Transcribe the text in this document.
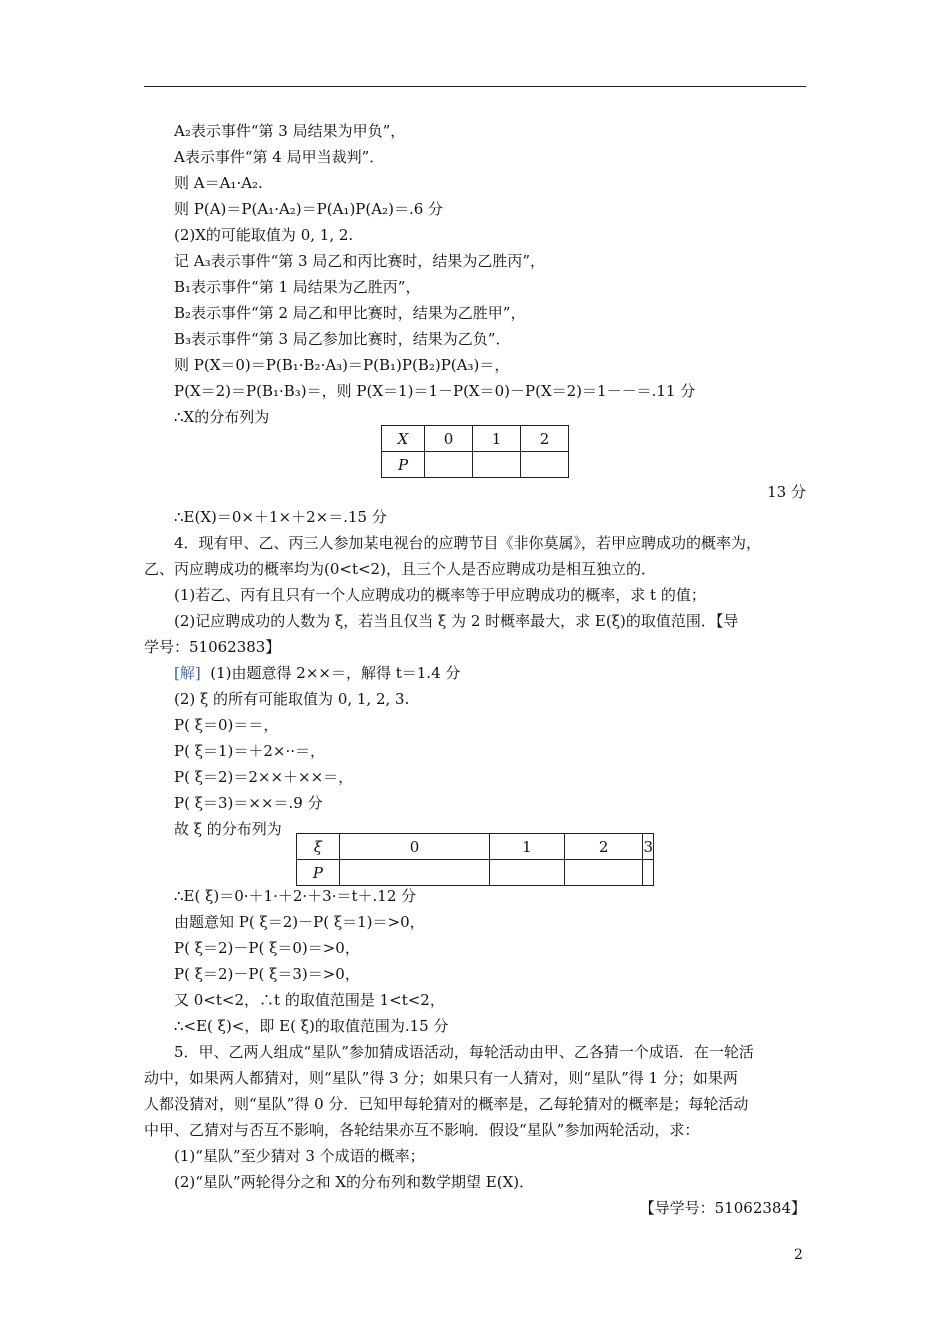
A₂表示事件“第 3 局结果为甲负”，
A表示事件“第 4 局甲当裁判”．
则 A＝A₁·A₂.
则 P(A)＝P(A₁·A₂)＝P(A₁)P(A₂)＝.6 分
(2)X的可能取值为 0, 1, 2.
记 A₃表示事件“第 3 局乙和丙比赛时，结果为乙胜丙”，
B₁表示事件“第 1 局结果为乙胜丙”，
B₂表示事件“第 2 局乙和甲比赛时，结果为乙胜甲”，
B₃表示事件“第 3 局乙参加比赛时，结果为乙负”．
则 P(X＝0)＝P(B₁·B₂·A₃)＝P(B₁)P(B₂)P(A₃)＝，
P(X＝2)＝P(B₁·B₃)＝，则 P(X＝1)＝1－P(X＝0)－P(X＝2)＝1－－＝.11 分
∴X的分布列为
X	0	1	2
P			
13 分
∴E(X)＝0×＋1×＋2×＝.15 分
4．现有甲、乙、丙三人参加某电视台的应聘节目《非你莫属》，若甲应聘成功的概率为，
乙、丙应聘成功的概率均为(0<t<2)，且三个人是否应聘成功是相互独立的．
(1)若乙、丙有且只有一个人应聘成功的概率等于甲应聘成功的概率，求 t 的值；
(2)记应聘成功的人数为 ξ，若当且仅当 ξ 为 2 时概率最大，求 E(ξ)的取值范围．【导
学号：51062383】
[解] (1)由题意得 2××＝，解得 t＝1.4 分
(2) ξ 的所有可能取值为 0, 1, 2, 3.
P( ξ＝0)＝＝，
P( ξ＝1)＝＋2×··＝，
P( ξ＝2)＝2××＋××＝，
P( ξ＝3)＝××＝.9 分
故 ξ 的分布列为
ξ	0	1	2	3
P				
∴E( ξ)＝0·＋1·＋2·＋3·＝t＋.12 分
由题意知 P( ξ＝2)－P( ξ＝1)＝>0，
P( ξ＝2)－P( ξ＝0)＝>0，
P( ξ＝2)－P( ξ＝3)＝>0，
又 0<t<2，∴t 的取值范围是 1<t<2，
∴<E( ξ)<，即 E( ξ)的取值范围为.15 分
5．甲、乙两人组成“星队”参加猜成语活动，每轮活动由甲、乙各猜一个成语．在一轮活
动中，如果两人都猜对，则“星队”得 3 分；如果只有一人猜对，则“星队”得 1 分；如果两
人都没猜对，则“星队”得 0 分．已知甲每轮猜对的概率是，乙每轮猜对的概率是；每轮活动
中甲、乙猜对与否互不影响，各轮结果亦互不影响．假设“星队”参加两轮活动，求：
(1)“星队”至少猜对 3 个成语的概率；
(2)“星队”两轮得分之和 X的分布列和数学期望 E(X)．
【导学号：51062384】
2
